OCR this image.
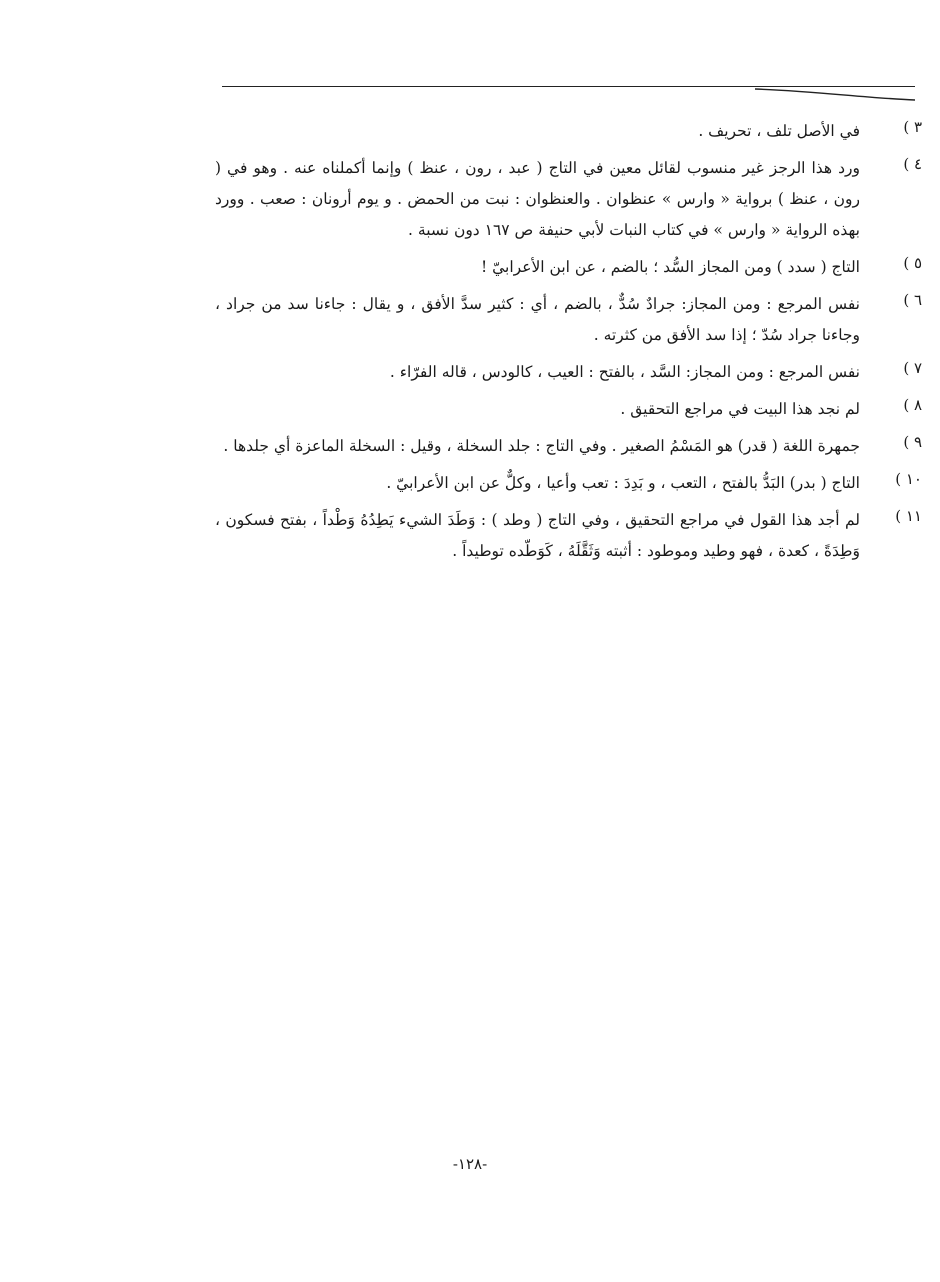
٣ )
في الأصل تلف ، تحريف .
٤ )
ورد هذا الرجز غير منسوب لقائل معين في التاج ( عبد ، رون ، عنظ ) وإنما أكملناه عنه . وهو في ( رون ، عنظ ) برواية « وارس » عنظوان . والعنظوان : نبت من الحمض . و يوم أرونان : صعب . وورد بهذه الرواية « وارس » في كتاب النبات لأبي حنيفة ص ١٦٧ دون نسبة .
٥ )
التاج ( سدد ) ومن المجاز السُّد ؛ بالضم ، عن ابن الأعرابيّ !
٦ )
نفس المرجع : ومن المجاز: جرادٌ سُدٌّ ، بالضم ، أي : كثير سدَّ الأفق ، و يقال : جاءنا سد من جراد ، وجاءنا جراد سُدّ ؛ إذا سد الأفق من كثرته .
٧ )
نفس المرجع : ومن المجاز: السَّد ، بالفتح : العيب ، كالودس ، قاله الفرّاء .
٨ )
لم نجد هذا البيت في مراجع التحقيق .
٩ )
جمهرة اللغة ( قدر) هو المَسْمُ الصغير . وفي التاج : جلد السخلة ، وقيل : السخلة الماعزة أي جلدها .
١٠ )
التاج ( بدر) البَدُّ بالفتح ، التعب ، و بَدِدَ : تعب وأعيا ، وكلٌّ عن ابن الأعرابيّ .
١١ )
لم أجد هذا القول في مراجع التحقيق ، وفي التاج ( وطد ) : وَطَدَ الشيء يَطِدُهُ وَطْداً ، بفتح فسكون ، وَطِدَةً ، كعدة ، فهو وطيد وموطود : أثبته وَثَقَّلَهُ ، كَوَطّده توطيداً .
-١٢٨-
